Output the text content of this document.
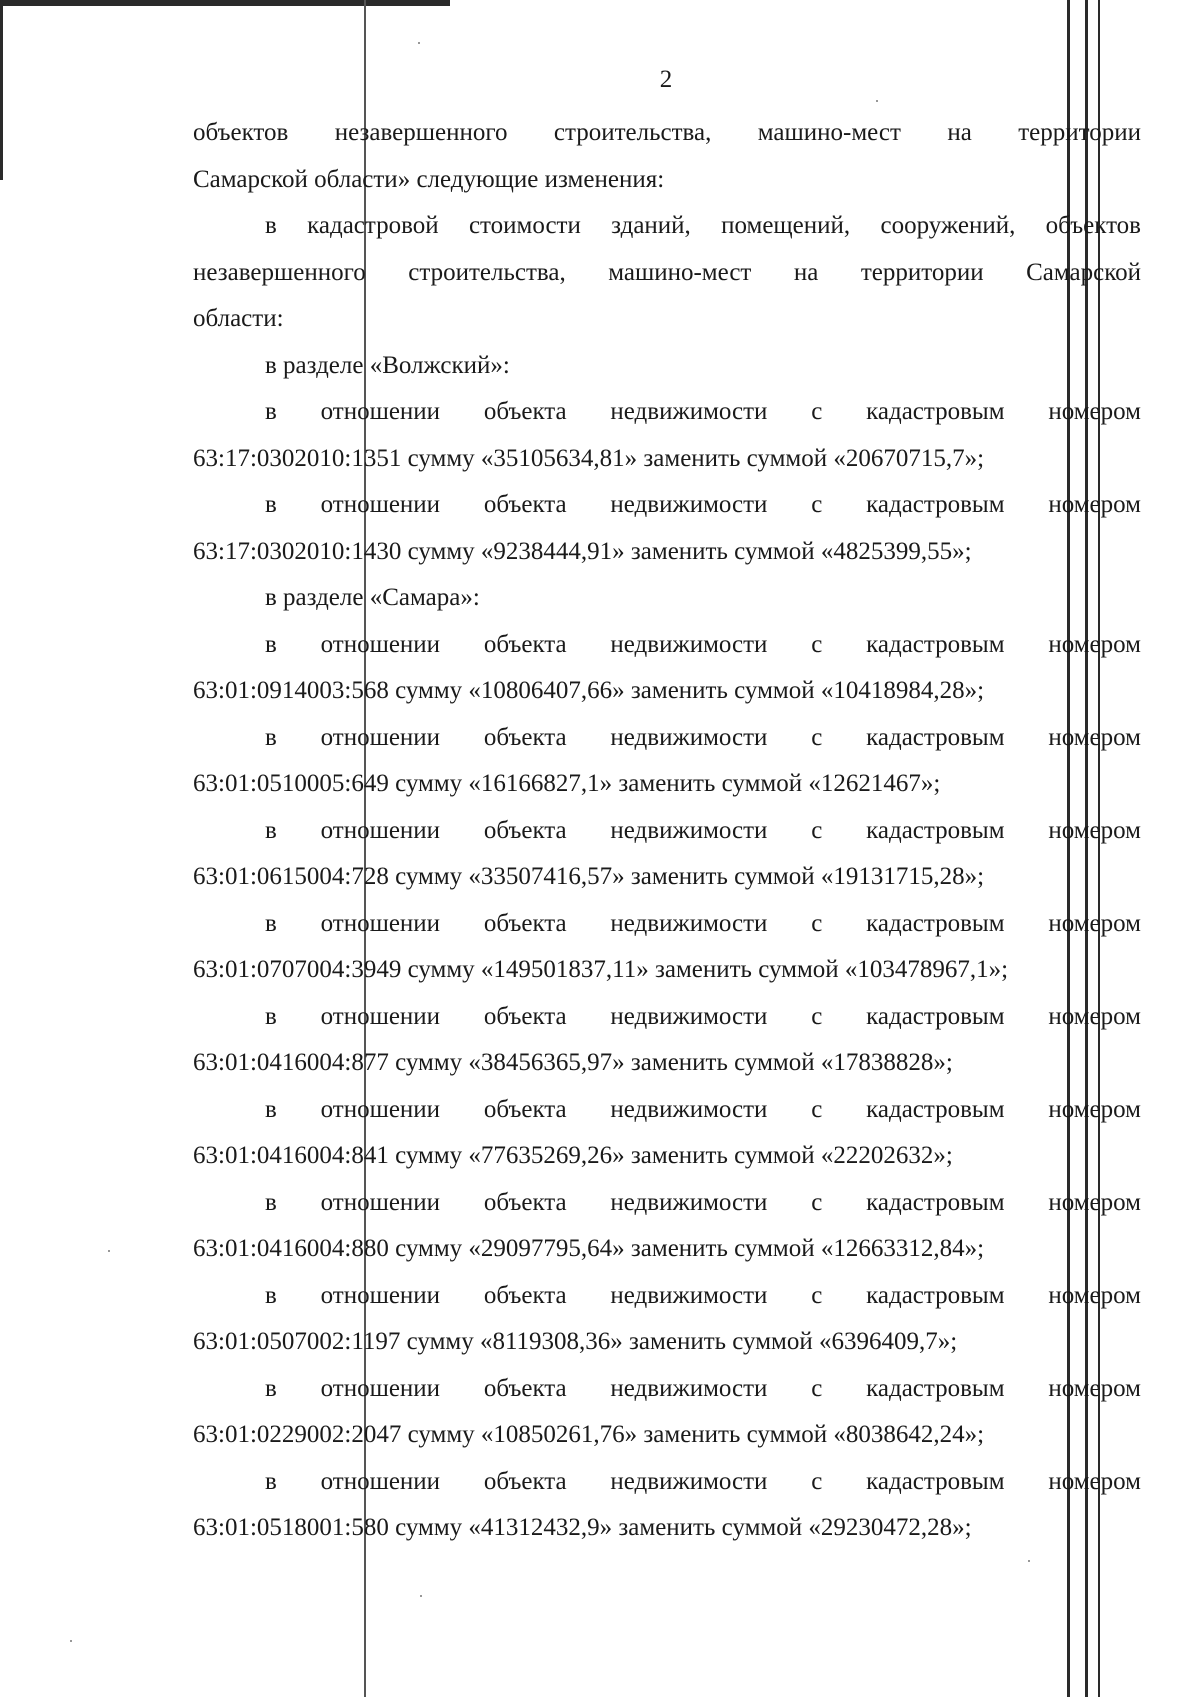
2

объектов незавершенного строительства, машино-мест на территории

Самарской области» следующие изменения:

в кадастровой стоимости зданий, помещений, сооружений, объектов

незавершенного строительства, машино-мест на территории Самарской

области:

в разделе «Волжский»:

в отношении объекта недвижимости с кадастровым номером

63:17:0302010:1351 сумму «35105634,81» заменить суммой «20670715,7»;

в отношении объекта недвижимости с кадастровым номером

63:17:0302010:1430 сумму «9238444,91» заменить суммой «4825399,55»;

в разделе «Самара»:

в отношении объекта недвижимости с кадастровым номером

63:01:0914003:568 сумму «10806407,66» заменить суммой «10418984,28»;

в отношении объекта недвижимости с кадастровым номером

63:01:0510005:649 сумму «16166827,1» заменить суммой «12621467»;

в отношении объекта недвижимости с кадастровым номером

63:01:0615004:728 сумму «33507416,57» заменить суммой «19131715,28»;

в отношении объекта недвижимости с кадастровым номером

63:01:0707004:3949 сумму «149501837,11» заменить суммой «103478967,1»;

в отношении объекта недвижимости с кадастровым номером

63:01:0416004:877 сумму «38456365,97» заменить суммой «17838828»;

в отношении объекта недвижимости с кадастровым номером

63:01:0416004:841 сумму «77635269,26» заменить суммой «22202632»;

в отношении объекта недвижимости с кадастровым номером

63:01:0416004:880 сумму «29097795,64» заменить суммой «12663312,84»;

в отношении объекта недвижимости с кадастровым номером

63:01:0507002:1197 сумму «8119308,36» заменить суммой «6396409,7»;

в отношении объекта недвижимости с кадастровым номером

63:01:0229002:2047 сумму «10850261,76» заменить суммой «8038642,24»;

в отношении объекта недвижимости с кадастровым номером

63:01:0518001:580 сумму «41312432,9» заменить суммой «29230472,28»;
